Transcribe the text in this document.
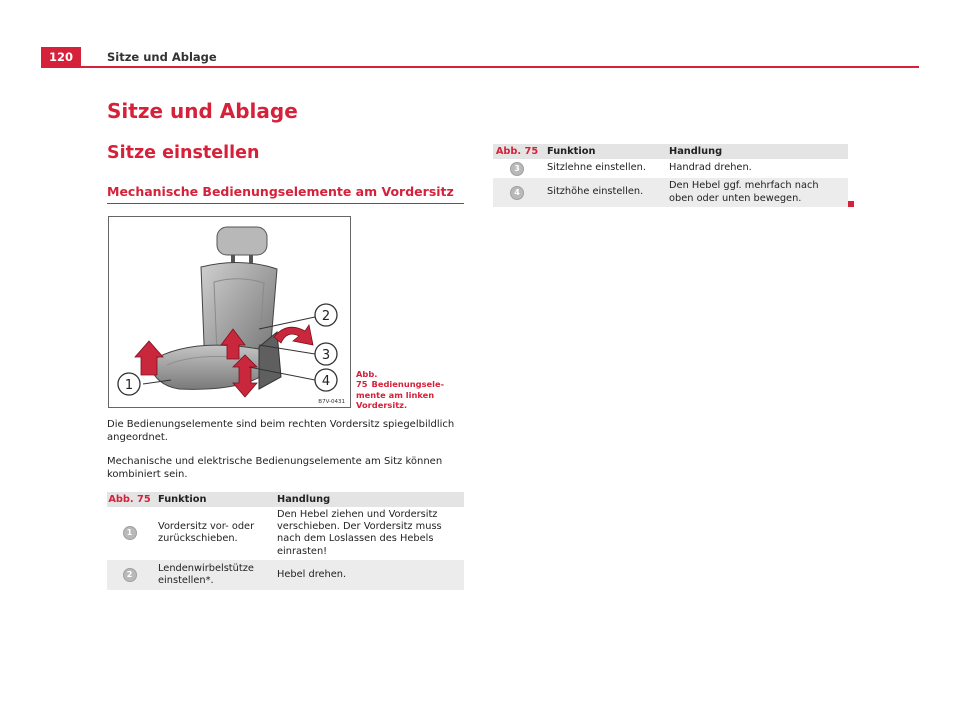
120	Sitze und Ablage
Sitze und Ablage
Sitze einstellen
Mechanische Bedienungselemente am Vordersitz
1
2
3
4
B7V-0431
Abb. 75 Bedienungselemente am linken Vordersitz.
Die Bedienungselemente sind beim rechten Vordersitz spiegelbildlich angeordnet.
Mechanische und elektrische Bedienungselemente am Sitz können kombiniert sein.
Abb. 75	Funktion	Handlung
1	Vordersitz vor- oder zurückschieben.	Den Hebel ziehen und Vordersitz verschieben. Der Vordersitz muss nach dem Loslassen des Hebels einrasten!
2	Lendenwirbelstütze einstellen*.	Hebel drehen.
Abb. 75	Funktion	Handlung
3	Sitzlehne einstellen.	Handrad drehen.
4	Sitzhöhe einstellen.	Den Hebel ggf. mehrfach nach oben oder unten bewegen.
